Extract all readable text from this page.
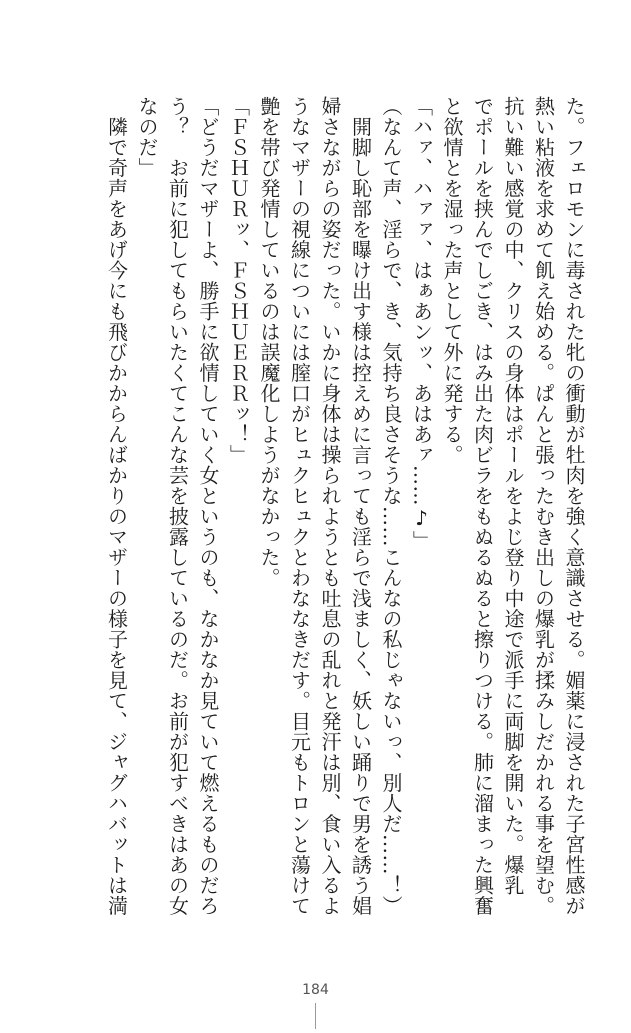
た。フェロモンに毒された牝の衝動が牡肉を強く意識させる。媚薬に浸された子宮性感が
熱い粘液を求めて飢え始める。ぱんと張ったむき出しの爆乳が揉みしだかれる事を望む。
抗い難い感覚の中、クリスの身体はポールをよじ登り中途で派手に両脚を開いた。爆乳
でポールを挟んでしごき、はみ出た肉ビラをもぬるぬると擦りつける。肺に溜まった興奮
と欲情とを湿った声として外に発する。
「ハァ、ハァァ、はぁあンッ、あはあァ……♪」
（なんて声、淫らで、き、気持ち良さそうな……こんなの私じゃないっ、別人だ……！）
　開脚し恥部を曝け出す様は控えめに言っても淫らで浅ましく、妖しい踊りで男を誘う娼
婦さながらの姿だった。いかに身体は操られようとも吐息の乱れと発汗は別、食い入るよ
うなマザーの視線についには膣口がヒュクヒュクとわななきだす。目元もトロンと蕩けて
艶を帯び発情しているのは誤魔化しようがなかった。
「ＦＳＨＵＲッ、ＦＳＨＵＥＲＲッ！」
「どうだマザーよ、勝手に欲情していく女というのも、なかなか見ていて燃えるものだろ
う？　お前に犯してもらいたくてこんな芸を披露しているのだ。お前が犯すべきはあの女
なのだ」
　隣で奇声をあげ今にも飛びかからんばかりのマザーの様子を見て、ジャグハバットは満
184
